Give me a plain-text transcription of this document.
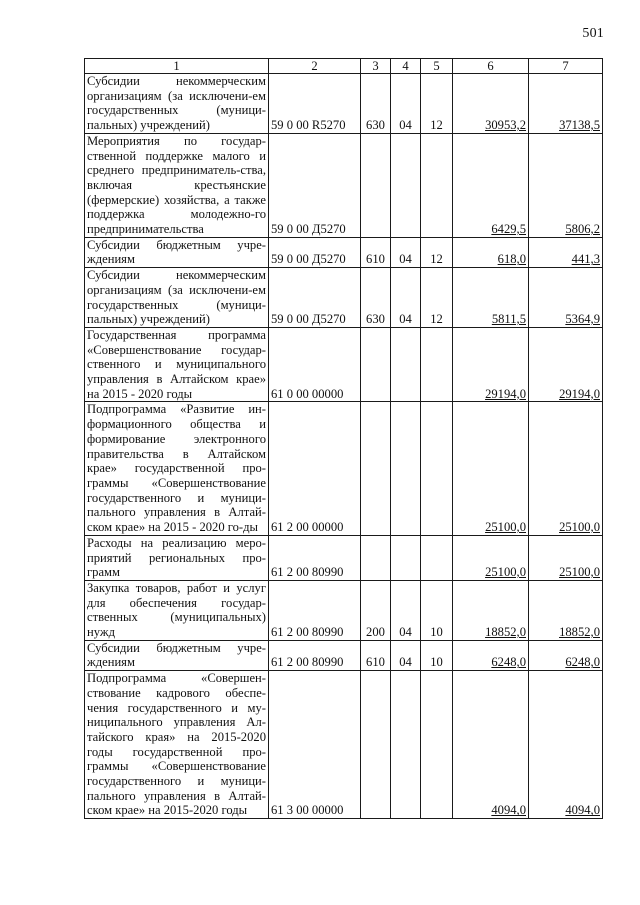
501
1	2	3	4	5	6	7
Субсидии некоммерческим организациям (за исключени-ем государственных (муници-пальных) учреждений)	59 0 00 R5270	630	04	12	30953,2	37138,5
Мероприятия по государ-ственной поддержке малого и среднего предприниматель-ства, включая крестьянские (фермерские) хозяйства, а также поддержка молодежно-го предпринимательства	59 0 00 Д5270				6429,5	5806,2
Субсидии бюджетным учре-ждениям	59 0 00 Д5270	610	04	12	618,0	441,3
Субсидии некоммерческим организациям (за исключени-ем государственных (муници-пальных) учреждений)	59 0 00 Д5270	630	04	12	5811,5	5364,9
Государственная программа «Совершенствование государ-ственного и муниципального управления в Алтайском крае» на 2015 - 2020 годы	61 0 00 00000				29194,0	29194,0
Подпрограмма «Развитие ин-формационного общества и формирование электронного правительства в Алтайском крае» государственной про-граммы «Совершенствование государственного и муници-пального управления в Алтай-ском крае» на 2015 - 2020 го-ды	61 2 00 00000				25100,0	25100,0
Расходы на реализацию меро-приятий региональных про-грамм	61 2 00 80990				25100,0	25100,0
Закупка товаров, работ и услуг для обеспечения государ-ственных (муниципальных) нужд	61 2 00 80990	200	04	10	18852,0	18852,0
Субсидии бюджетным учре-ждениям	61 2 00 80990	610	04	10	6248,0	6248,0
Подпрограмма «Совершен-ствование кадрового обеспе-чения государственного и му-ниципального управления Ал-тайского края» на 2015-2020 годы государственной про-граммы «Совершенствование государственного и муници-пального управления в Алтай-ском крае» на 2015-2020 годы	61 3 00 00000				4094,0	4094,0
